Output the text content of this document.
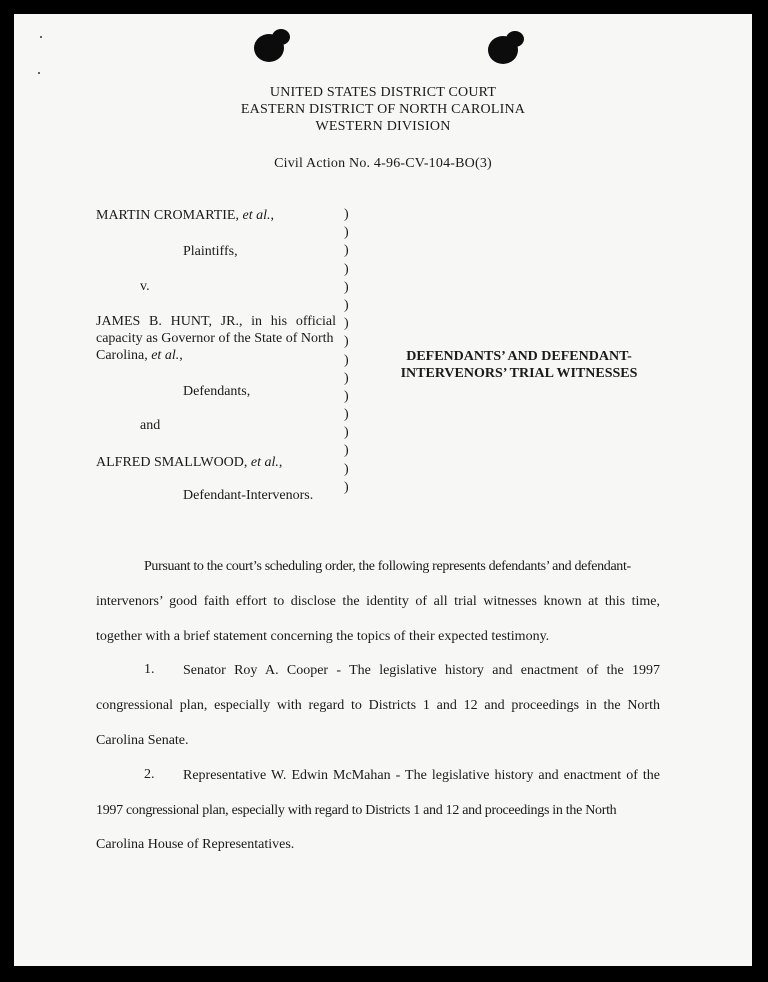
UNITED STATES DISTRICT COURT
EASTERN DISTRICT OF NORTH CAROLINA
WESTERN DIVISION
Civil Action No. 4-96-CV-104-BO(3)
MARTIN CROMARTIE, et al.,
Plaintiffs,
v.
JAMES B. HUNT, JR., in his official
capacity as Governor of the State of North
Carolina, et al.,
Defendants,
and
ALFRED SMALLWOOD, et al.,
Defendant-Intervenors.
)
)
)
)
)
)
)
)
)
)
)
)
)
)
)
)
DEFENDANTS’ AND DEFENDANT-
INTERVENORS’ TRIAL WITNESSES
Pursuant to the court’s scheduling order, the following represents defendants’ and defendant-
intervenors’ good faith effort to disclose the identity of all trial witnesses known at this time,
together with a brief statement concerning the topics of their expected testimony.
1. Senator Roy A. Cooper - The legislative history and enactment of the 1997
congressional plan, especially with regard to Districts 1 and 12 and proceedings in the North
Carolina Senate.
2. Representative W. Edwin McMahan - The legislative history and enactment of the
1997 congressional plan, especially with regard to Districts 1 and 12 and proceedings in the North
Carolina House of Representatives.
